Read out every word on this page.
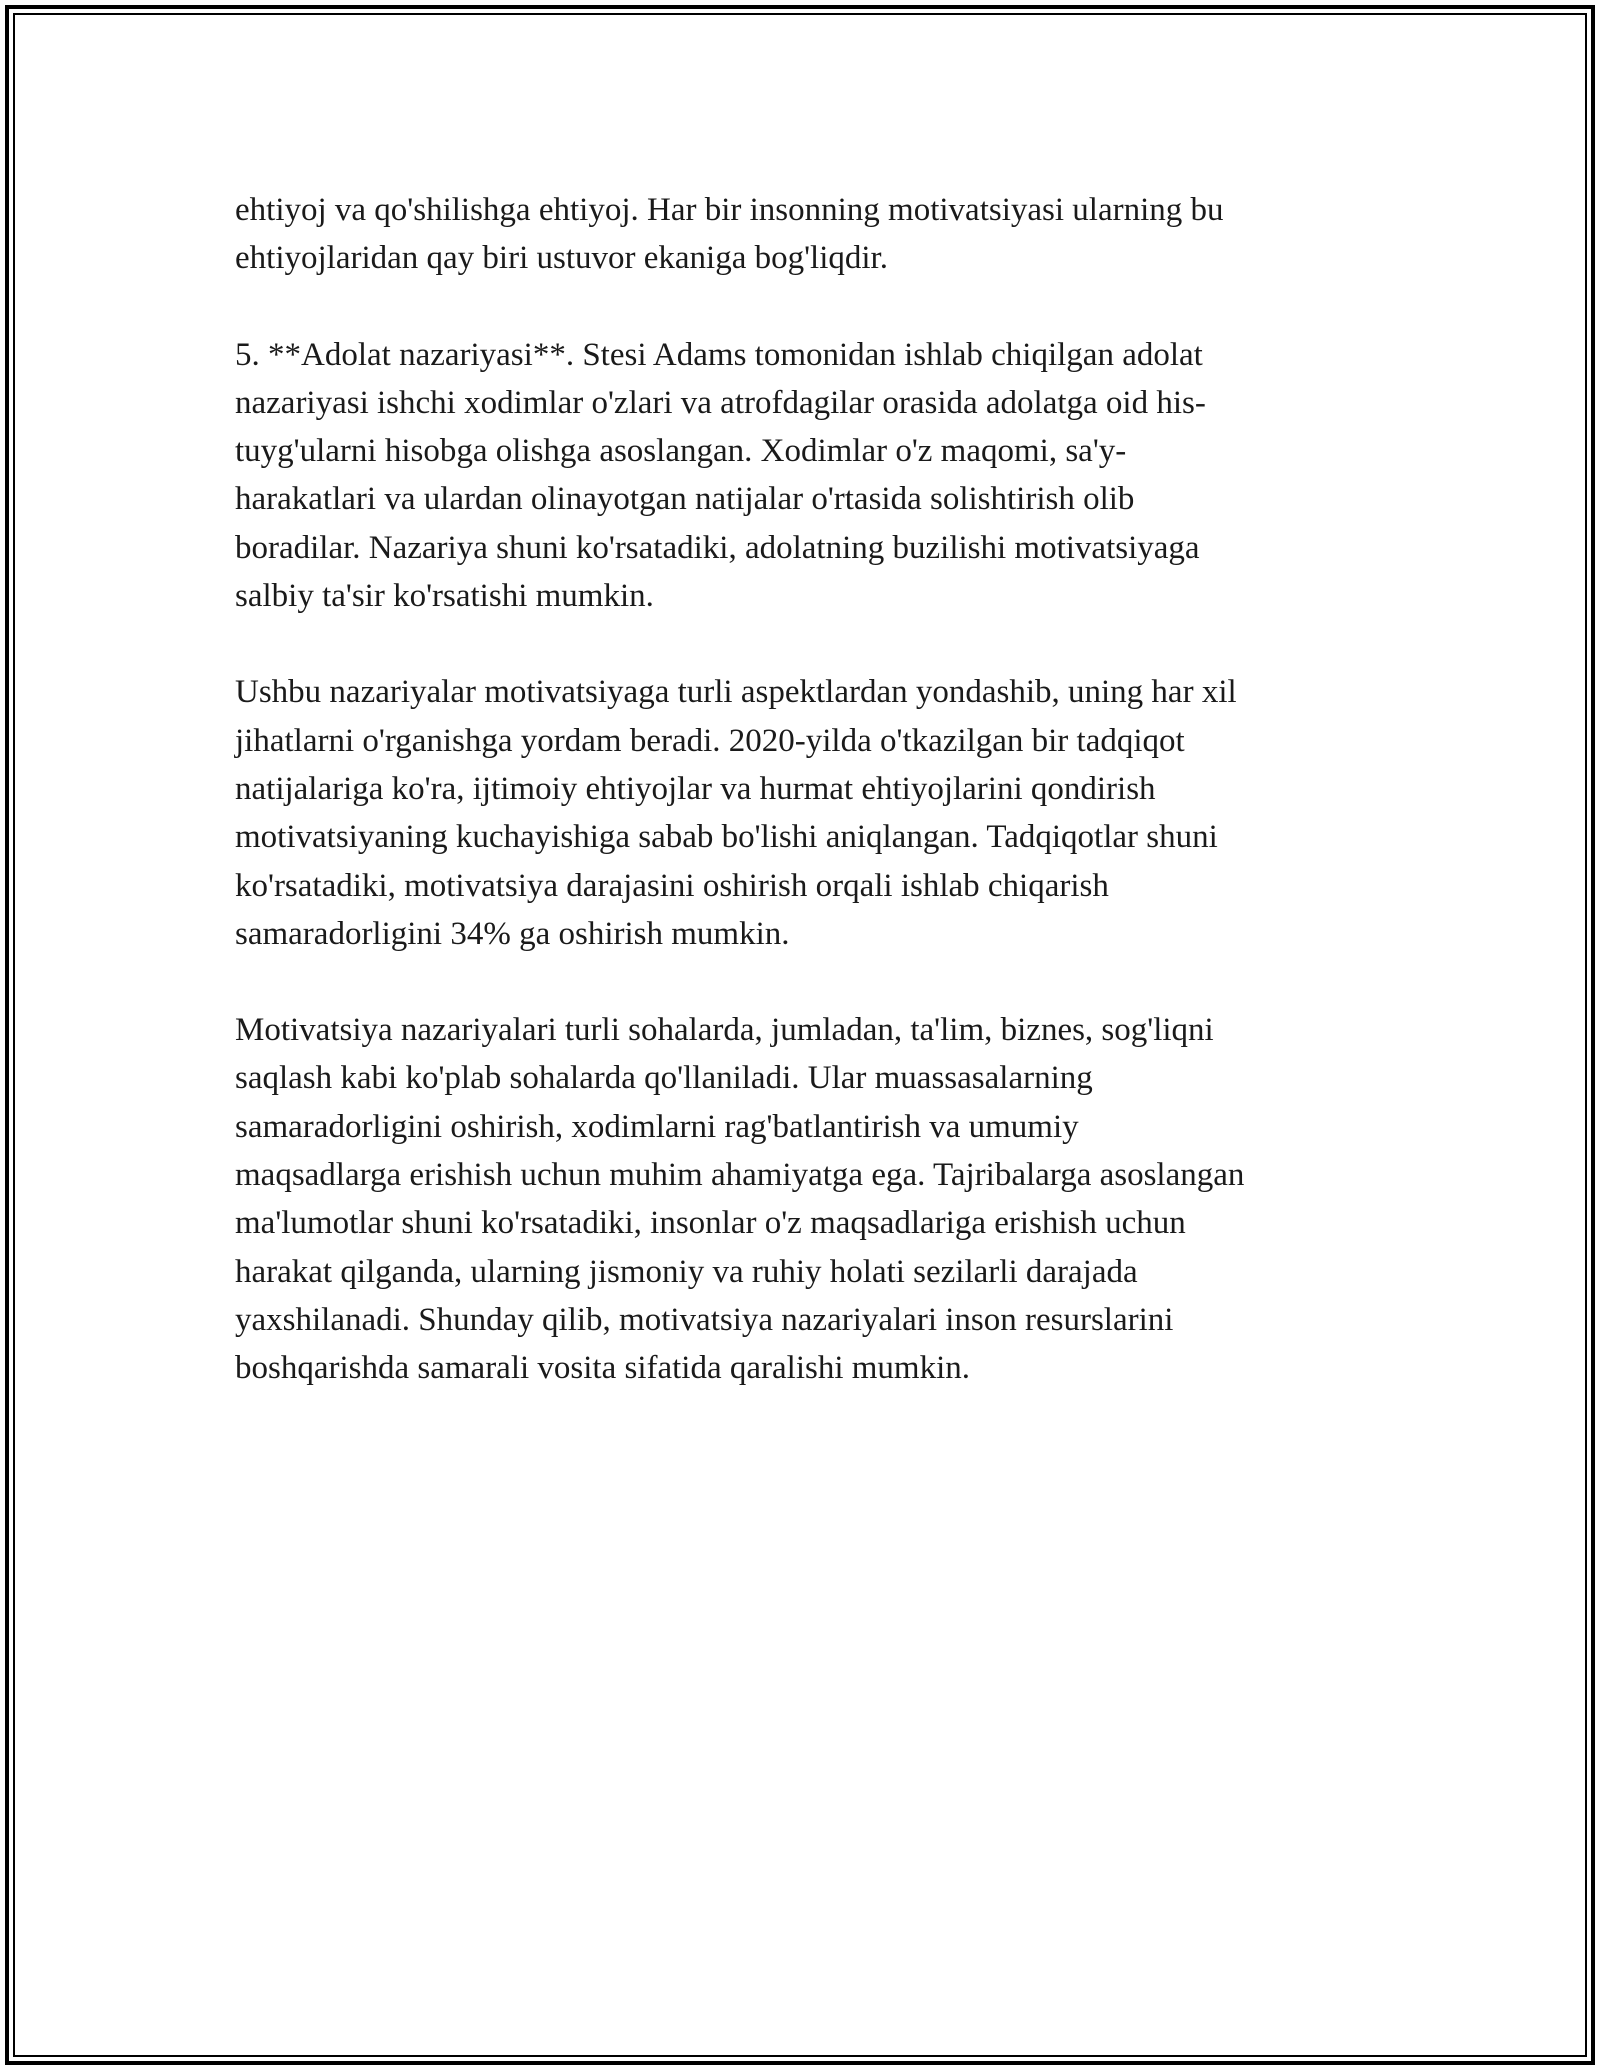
ehtiyoj va qo'shilishga ehtiyoj. Har bir insonning motivatsiyasi ularning bu
ehtiyojlaridan qay biri ustuvor ekaniga bog'liqdir.

5. **Adolat nazariyasi**. Stesi Adams tomonidan ishlab chiqilgan adolat
nazariyasi ishchi xodimlar o'zlari va atrofdagilar orasida adolatga oid his-
tuyg'ularni hisobga olishga asoslangan. Xodimlar o'z maqomi, sa'y-
harakatlari va ulardan olinayotgan natijalar o'rtasida solishtirish olib
boradilar. Nazariya shuni ko'rsatadiki, adolatning buzilishi motivatsiyaga
salbiy ta'sir ko'rsatishi mumkin.

Ushbu nazariyalar motivatsiyaga turli aspektlardan yondashib, uning har xil
jihatlarni o'rganishga yordam beradi. 2020-yilda o'tkazilgan bir tadqiqot
natijalariga ko'ra, ijtimoiy ehtiyojlar va hurmat ehtiyojlarini qondirish
motivatsiyaning kuchayishiga sabab bo'lishi aniqlangan. Tadqiqotlar shuni
ko'rsatadiki, motivatsiya darajasini oshirish orqali ishlab chiqarish
samaradorligini 34% ga oshirish mumkin.

Motivatsiya nazariyalari turli sohalarda, jumladan, ta'lim, biznes, sog'liqni
saqlash kabi ko'plab sohalarda qo'llaniladi. Ular muassasalarning
samaradorligini oshirish, xodimlarni rag'batlantirish va umumiy
maqsadlarga erishish uchun muhim ahamiyatga ega. Tajribalarga asoslangan
ma'lumotlar shuni ko'rsatadiki, insonlar o'z maqsadlariga erishish uchun
harakat qilganda, ularning jismoniy va ruhiy holati sezilarli darajada
yaxshilanadi. Shunday qilib, motivatsiya nazariyalari inson resurslarini
boshqarishda samarali vosita sifatida qaralishi mumkin.
